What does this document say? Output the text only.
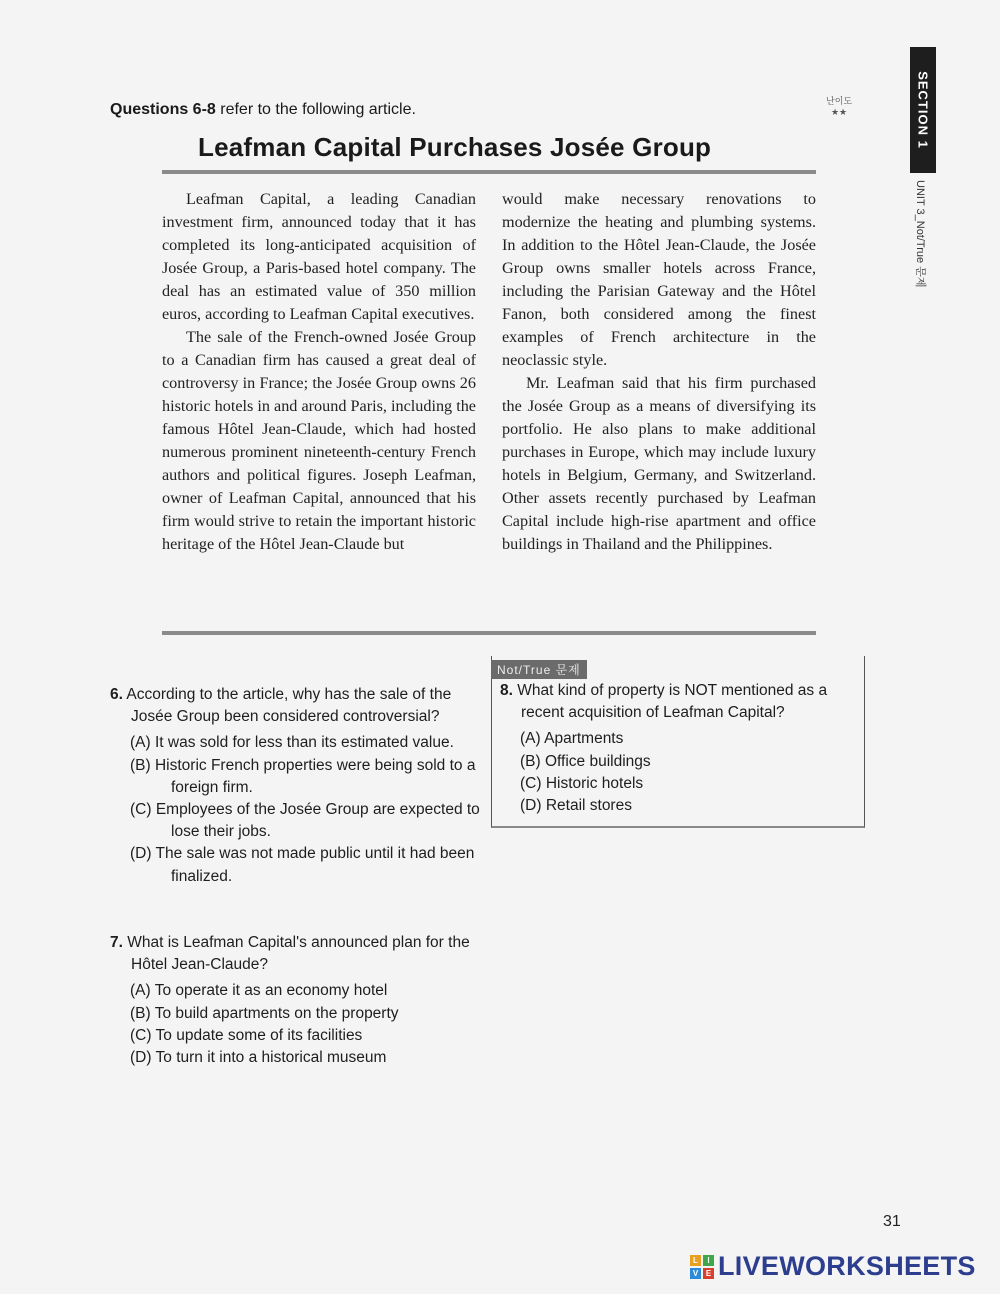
Questions 6-8 refer to the following article.	난이도
★★	SECTION 1
UNIT 3_Not/True 문제
Leafman Capital Purchases Josée Group

Leafman Capital, a leading Canadian investment firm, announced today that it has completed its long-anticipated acquisition of Josée Group, a Paris-based hotel company. The deal has an estimated value of 350 million euros, according to Leafman Capital executives.

The sale of the French-owned Josée Group to a Canadian firm has caused a great deal of controversy in France; the Josée Group owns 26 historic hotels in and around Paris, including the famous Hôtel Jean-Claude, which had hosted numerous prominent nineteenth-century French authors and political figures. Joseph Leafman, owner of Leafman Capital, announced that his firm would strive to retain the important historic heritage of the Hôtel Jean-Claude but

would make necessary renovations to modernize the heating and plumbing systems. In addition to the Hôtel Jean-Claude, the Josée Group owns smaller hotels across France, including the Parisian Gateway and the Hôtel Fanon, both considered among the finest examples of French architecture in the neoclassic style.

Mr. Leafman said that his firm purchased the Josée Group as a means of diversifying its portfolio. He also plans to make additional purchases in Europe, which may include luxury hotels in Belgium, Germany, and Switzerland. Other assets recently purchased by Leafman Capital include high-rise apartment and office buildings in Thailand and the Philippines.

6. According to the article, why has the sale of the Josée Group been considered controversial?

(A) It was sold for less than its estimated value.
(B) Historic French properties were being sold to a foreign firm.
(C) Employees of the Josée Group are expected to lose their jobs.
(D) The sale was not made public until it had been finalized.

7. What is Leafman Capital's announced plan for the Hôtel Jean-Claude?

(A) To operate it as an economy hotel
(B) To build apartments on the property
(C) To update some of its facilities
(D) To turn it into a historical museum
Not/True 문제

8. What kind of property is NOT mentioned as a recent acquisition of Leafman Capital?

(A) Apartments
(B) Office buildings
(C) Historic hotels
(D) Retail stores
31
L	I
V E LIVEWORKSHEETS
